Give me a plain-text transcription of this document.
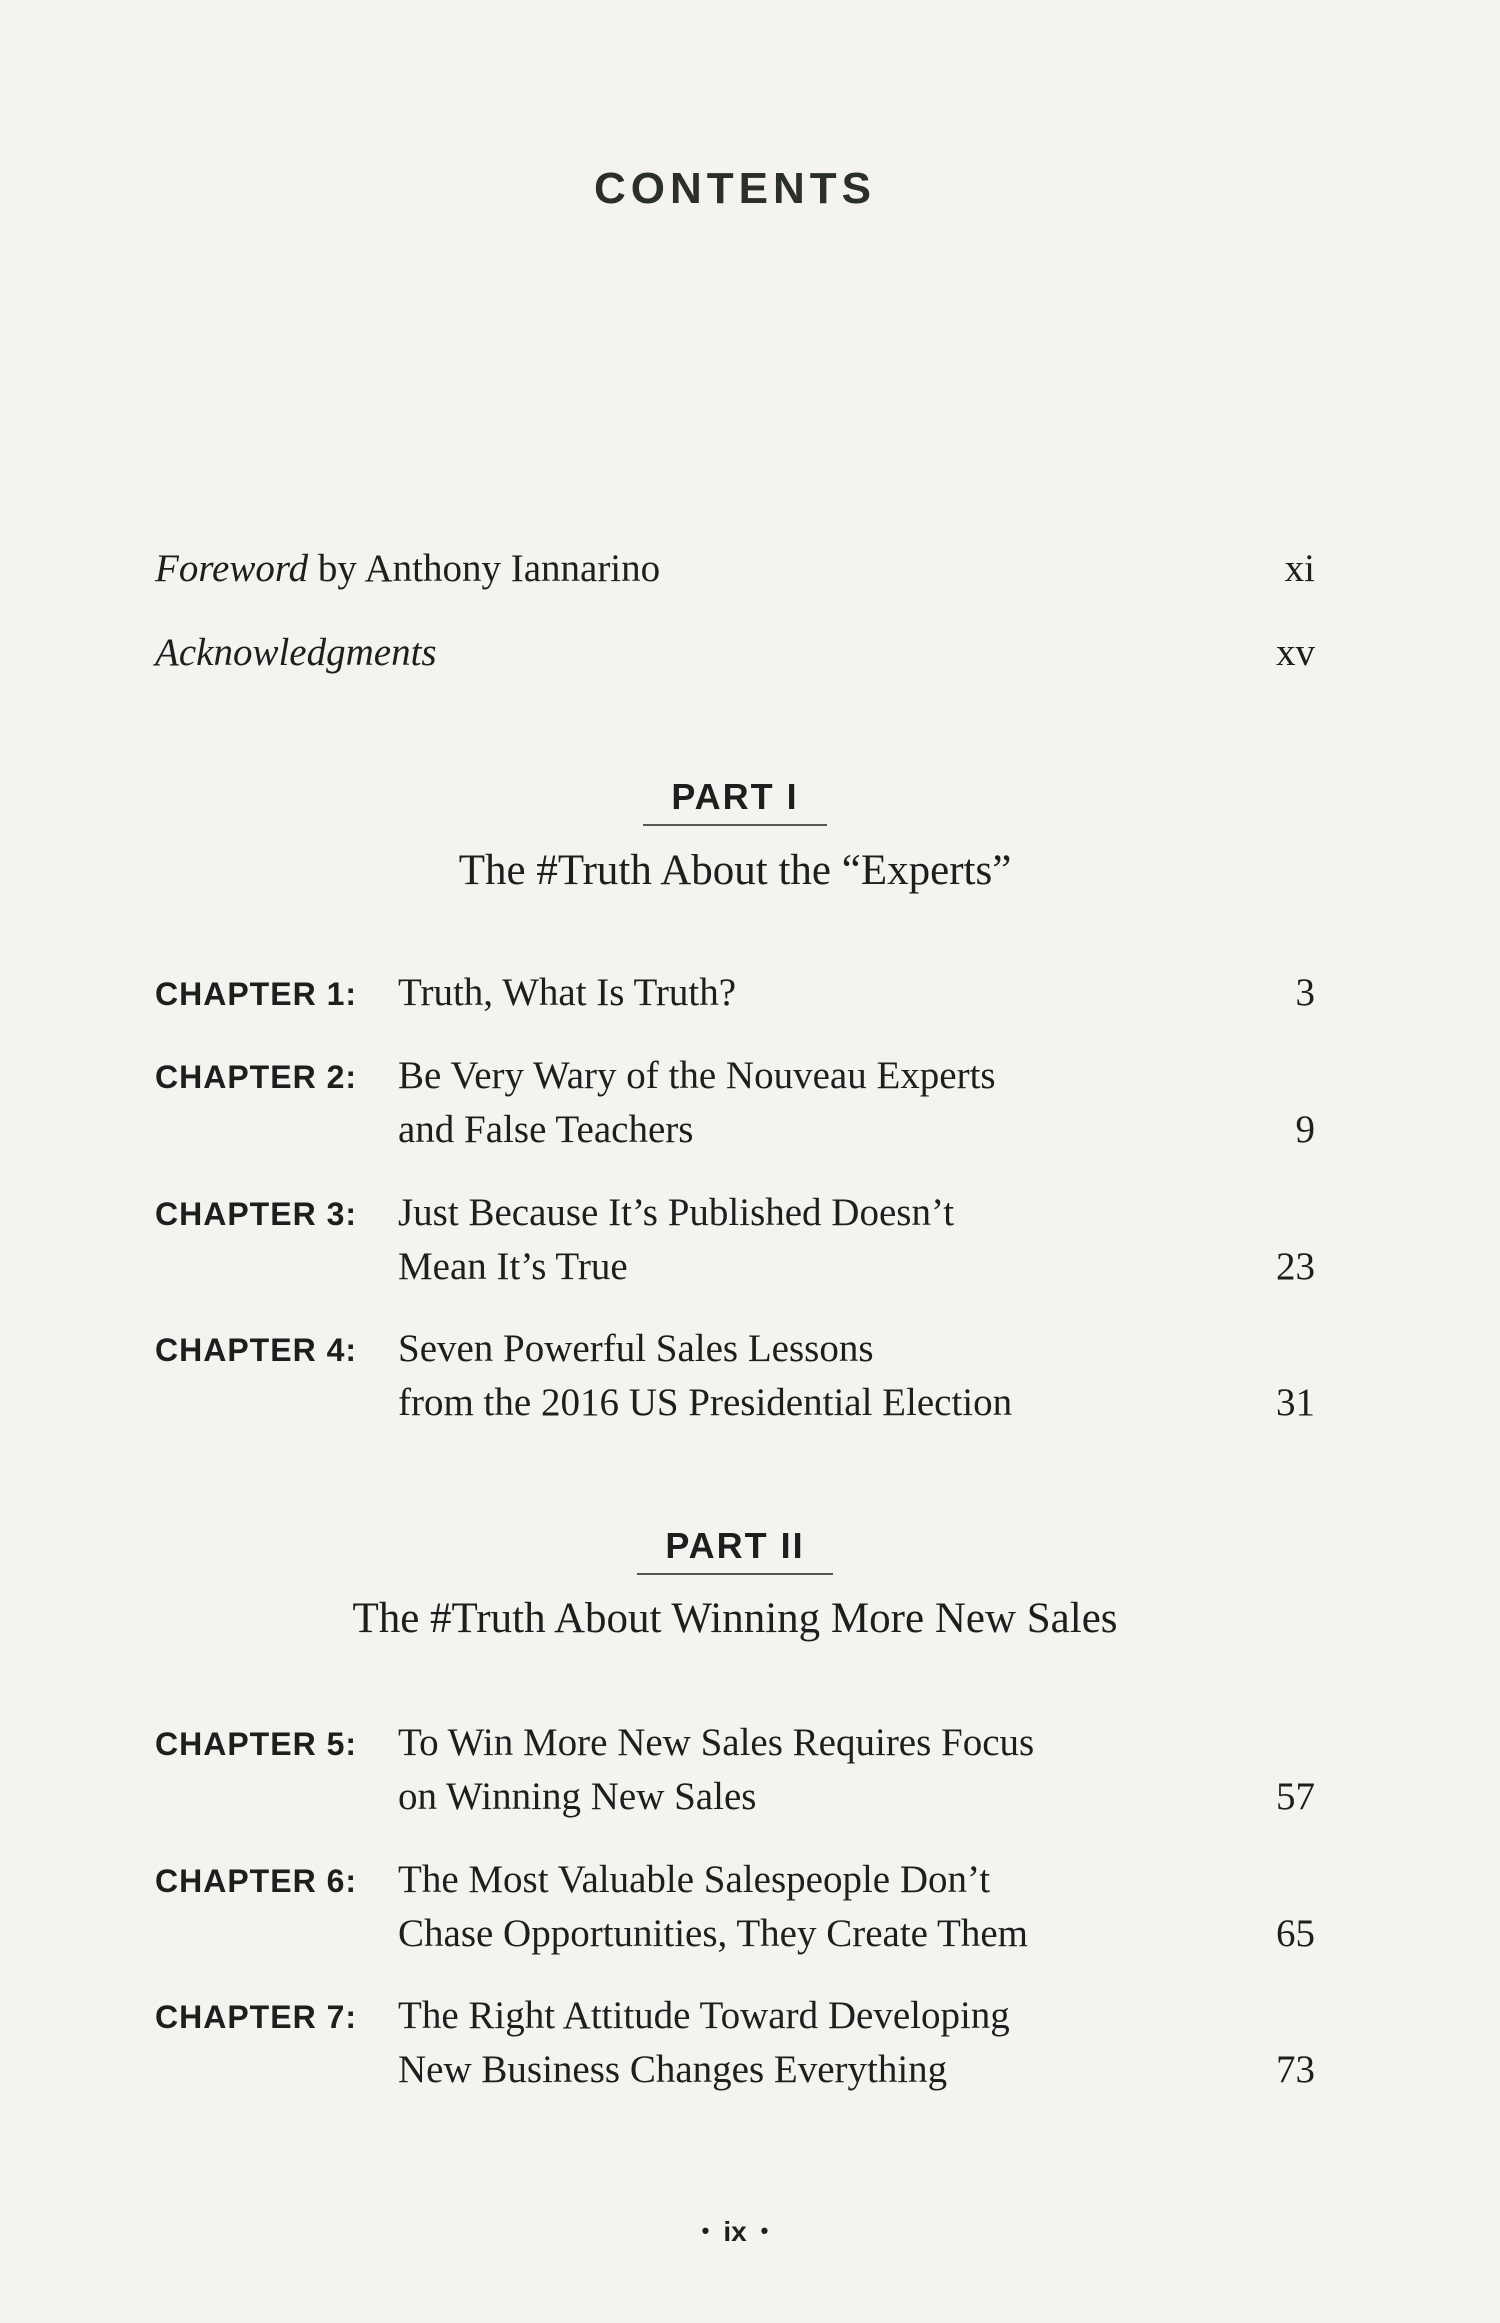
CONTENTS
Foreword by Anthony Iannarino	xi
Acknowledgments	xv
PART I
The #Truth About the “Experts”
CHAPTER 1: Truth, What Is Truth?	3
CHAPTER 2: Be Very Wary of the Nouveau Experts
and False Teachers	9
CHAPTER 3: Just Because It’s Published Doesn’t
Mean It’s True	23
CHAPTER 4: Seven Powerful Sales Lessons
from the 2016 US Presidential Election	31
PART II
The #Truth About Winning More New Sales
CHAPTER 5: To Win More New Sales Requires Focus
on Winning New Sales	57
CHAPTER 6: The Most Valuable Salespeople Don’t
Chase Opportunities, They Create Them	65
CHAPTER 7: The Right Attitude Toward Developing
New Business Changes Everything	73
• ix •
